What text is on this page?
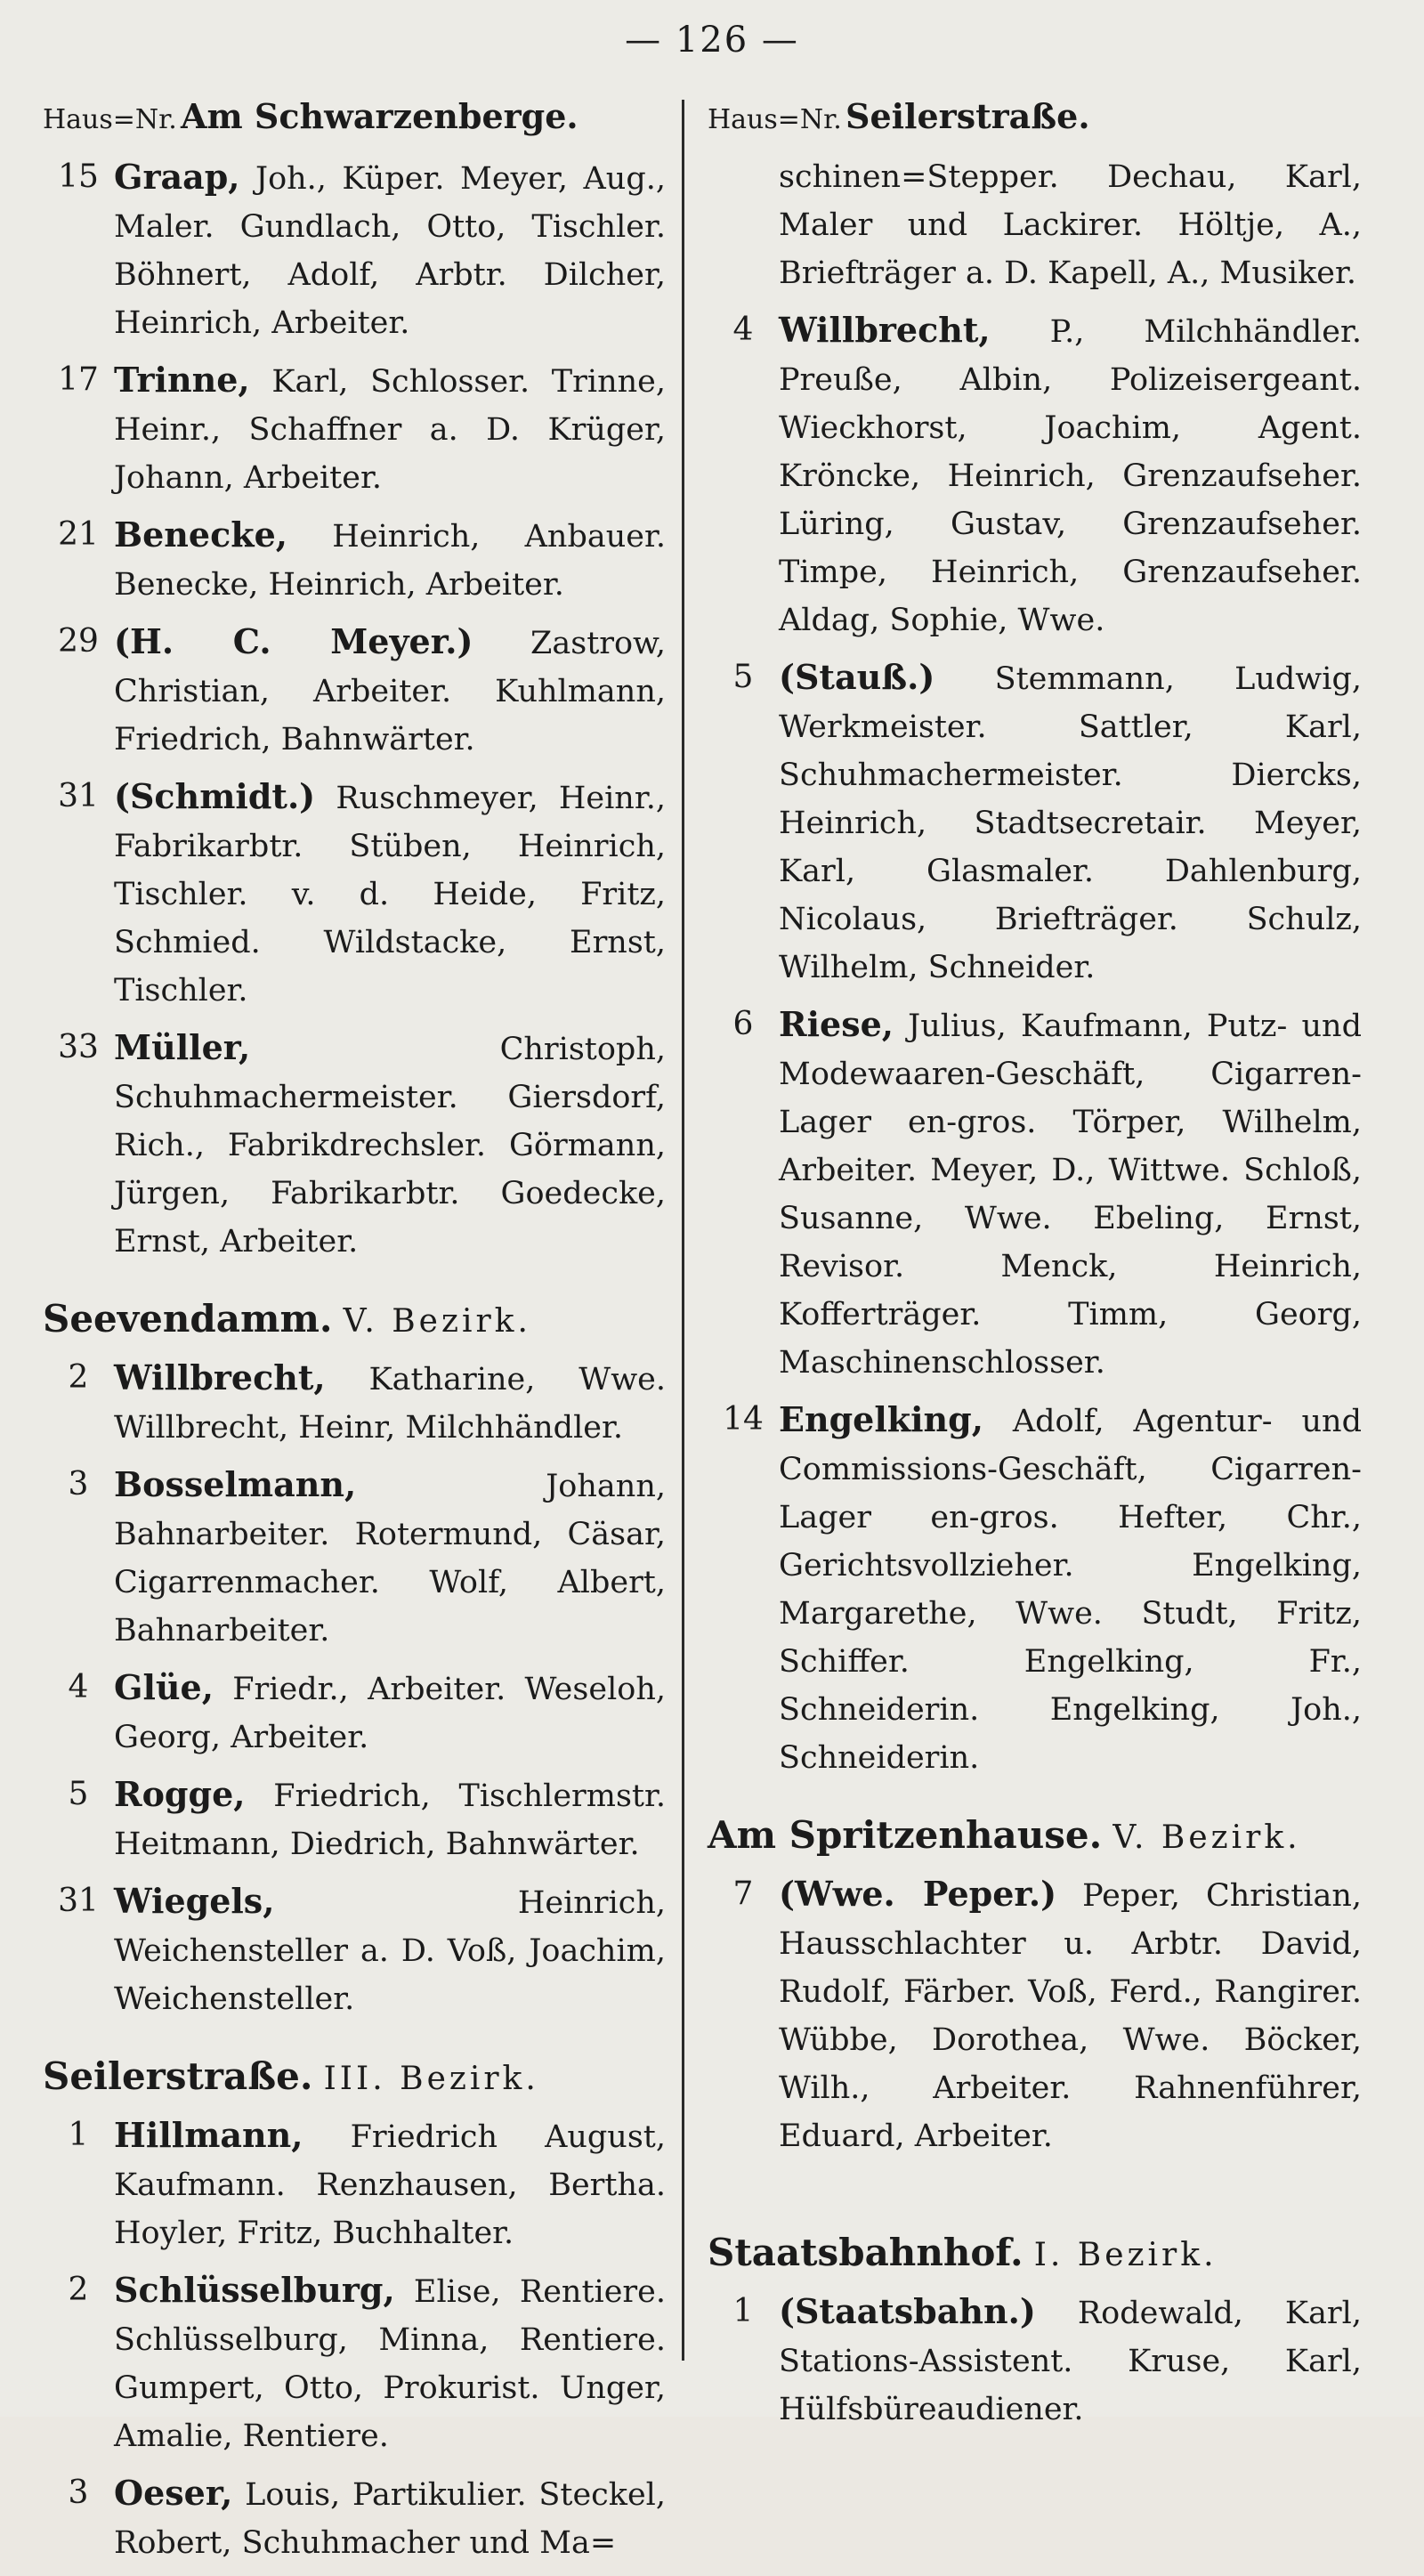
— 126 —
Haus=Nr. Am Schwarzenberge.
15 Graap, Joh., Küper. Meyer, Aug., Maler. Gundlach, Otto, Tischler. Böhnert, Adolf, Arbtr. Dilcher, Heinrich, Arbeiter.
17 Trinne, Karl, Schlosser. Trinne, Heinr., Schaffner a. D. Krüger, Johann, Arbeiter.
21 Benecke, Heinrich, Anbauer. Benecke, Heinrich, Arbeiter.
29 (H. C. Meyer.) Zastrow, Christian, Arbeiter. Kuhlmann, Friedrich, Bahnwärter.
31 (Schmidt.) Ruschmeyer, Heinr., Fabrikarbtr. Stüben, Heinrich, Tischler. v. d. Heide, Fritz, Schmied. Wildstacke, Ernst, Tischler.
33 Müller, Christoph, Schuhmachermeister. Giersdorf, Rich., Fabrikdrechsler. Görmann, Jürgen, Fabrikarbtr. Goedecke, Ernst, Arbeiter.
Seevendamm. V. Bezirk.
2 Willbrecht, Katharine, Wwe. Willbrecht, Heinr, Milchhändler.
3 Bosselmann, Johann, Bahnarbeiter. Rotermund, Cäsar, Cigarrenmacher. Wolf, Albert, Bahnarbeiter.
4 Glüe, Friedr., Arbeiter. Weseloh, Georg, Arbeiter.
5 Rogge, Friedrich, Tischlermstr. Heitmann, Diedrich, Bahnwärter.
31 Wiegels, Heinrich, Weichensteller a. D. Voß, Joachim, Weichensteller.
Seilerstraße. III. Bezirk.
1 Hillmann, Friedrich August, Kaufmann. Renzhausen, Bertha. Hoyler, Fritz, Buchhalter.
2 Schlüsselburg, Elise, Rentiere. Schlüsselburg, Minna, Rentiere. Gumpert, Otto, Prokurist. Unger, Amalie, Rentiere.
3 Oeser, Louis, Partikulier. Steckel, Robert, Schuhmacher und Ma=
Haus=Nr. Seilerstraße.
schinen=Stepper. Dechau, Karl, Maler und Lackirer. Höltje, A., Briefträger a. D. Kapell, A., Musiker.
4 Willbrecht, P., Milchhändler. Preuße, Albin, Polizeisergeant. Wieckhorst, Joachim, Agent. Kröncke, Heinrich, Grenzaufseher. Lüring, Gustav, Grenzaufseher. Timpe, Heinrich, Grenzaufseher. Aldag, Sophie, Wwe.
5 (Stauß.) Stemmann, Ludwig, Werkmeister. Sattler, Karl, Schuhmachermeister. Diercks, Heinrich, Stadtsecretair. Meyer, Karl, Glasmaler. Dahlenburg, Nicolaus, Briefträger. Schulz, Wilhelm, Schneider.
6 Riese, Julius, Kaufmann, Putz- und Modewaaren-Geschäft, Cigarren-Lager en-gros. Törper, Wilhelm, Arbeiter. Meyer, D., Wittwe. Schloß, Susanne, Wwe. Ebeling, Ernst, Revisor. Menck, Heinrich, Kofferträger. Timm, Georg, Maschinenschlosser.
14 Engelking, Adolf, Agentur- und Commissions-Geschäft, Cigarren-Lager en-gros. Hefter, Chr., Gerichtsvollzieher. Engelking, Margarethe, Wwe. Studt, Fritz, Schiffer. Engelking, Fr., Schneiderin. Engelking, Joh., Schneiderin.
Am Spritzenhause. V. Bezirk.
7 (Wwe. Peper.) Peper, Christian, Hausschlachter u. Arbtr. David, Rudolf, Färber. Voß, Ferd., Rangirer. Wübbe, Dorothea, Wwe. Böcker, Wilh., Arbeiter. Rahnenführer, Eduard, Arbeiter.
Staatsbahnhof. I. Bezirk.
1 (Staatsbahn.) Rodewald, Karl, Stations-Assistent. Kruse, Karl, Hülfsbüreaudiener.
